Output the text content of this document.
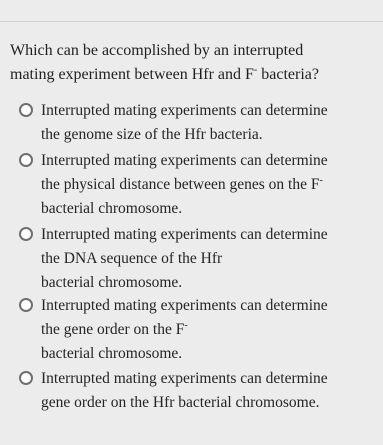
Which can be accomplished by an interrupted
mating experiment between Hfr and F- bacteria?
Interrupted mating experiments can determine
the genome size of the Hfr bacteria.
Interrupted mating experiments can determine
the physical distance between genes on the F-
bacterial chromosome.
Interrupted mating experiments can determine
the DNA sequence of the Hfr
bacterial chromosome.
Interrupted mating experiments can determine
the gene order on the F-
bacterial chromosome.
Interrupted mating experiments can determine
gene order on the Hfr bacterial chromosome.
